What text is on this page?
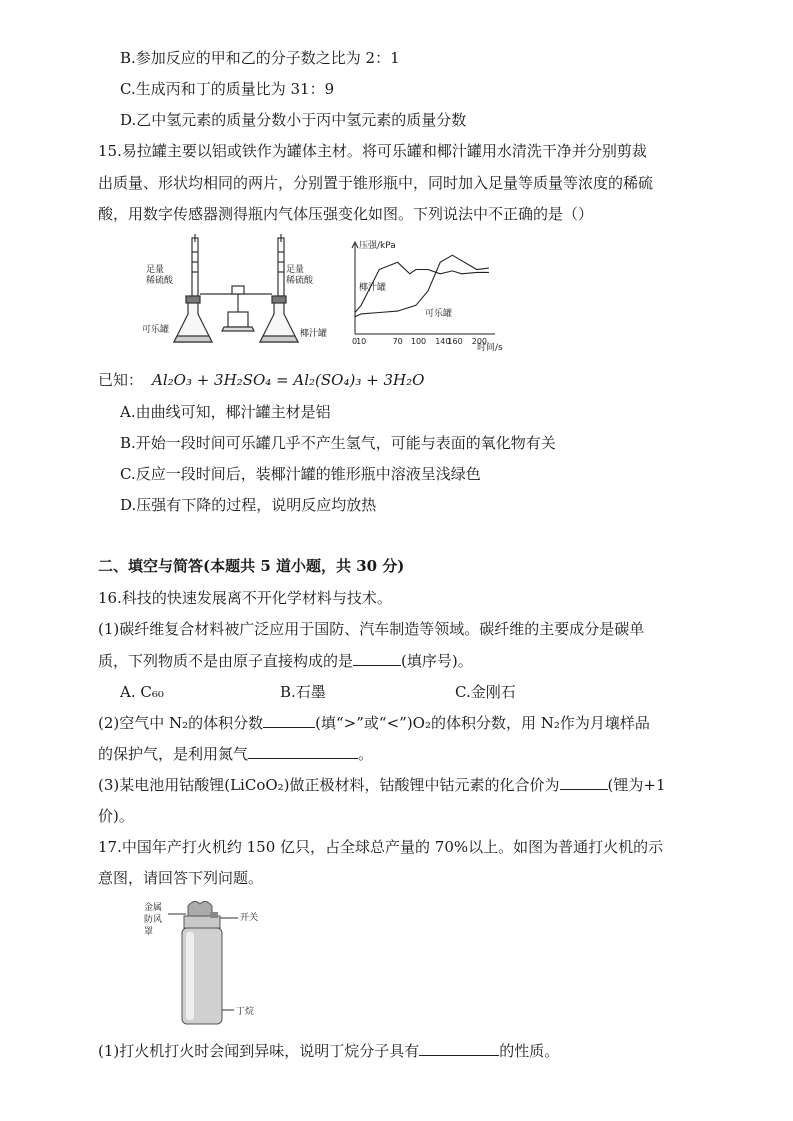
B.参加反应的甲和乙的分子数之比为 2：1
C.生成丙和丁的质量比为 31：9
D.乙中氢元素的质量分数小于丙中氢元素的质量分数
15.易拉罐主要以铝或铁作为罐体主材。将可乐罐和椰汁罐用水清洗干净并分别剪裁
出质量、形状均相同的两片，分别置于锥形瓶中，同时加入足量等质量等浓度的稀硫
酸，用数字传感器测得瓶内气体压强变化如图。下列说法中不正确的是（）
足量
稀硫酸
足量
稀硫酸
可乐罐	椰汁罐
压强/kPa
时间/s
0
10	70 100 140
160 200
椰汁罐
可乐罐
已知： Al₂O₃ + 3H₂SO₄ = Al₂(SO₄)₃ + 3H₂O
A.由曲线可知，椰汁罐主材是铝
B.开始一段时间可乐罐几乎不产生氢气，可能与表面的氧化物有关
C.反应一段时间后，装椰汁罐的锥形瓶中溶液呈浅绿色
D.压强有下降的过程，说明反应均放热
二、填空与简答(本题共 5 道小题，共 30 分)
16.科技的快速发展离不开化学材料与技术。
(1)碳纤维复合材料被广泛应用于国防、汽车制造等领域。碳纤维的主要成分是碳单
质，下列物质不是由原子直接构成的是	(填序号)。
A. C₆₀	B.石墨	C.金刚石
(2)空气中 N₂的体积分数	(填“>”或“<”)O₂的体积分数，用 N₂作为月壤样品
的保护气，是利用氮气	。
(3)某电池用钴酸锂(LiCoO₂)做正极材料，钴酸锂中钴元素的化合价为	(锂为+1
价)。
17.中国年产打火机约 150 亿只，占全球总产量的 70%以上。如图为普通打火机的示
意图，请回答下列问题。
金属
防风
罩
开关
丁烷
(1)打火机打火时会闻到异味，说明丁烷分子具有	的性质。
